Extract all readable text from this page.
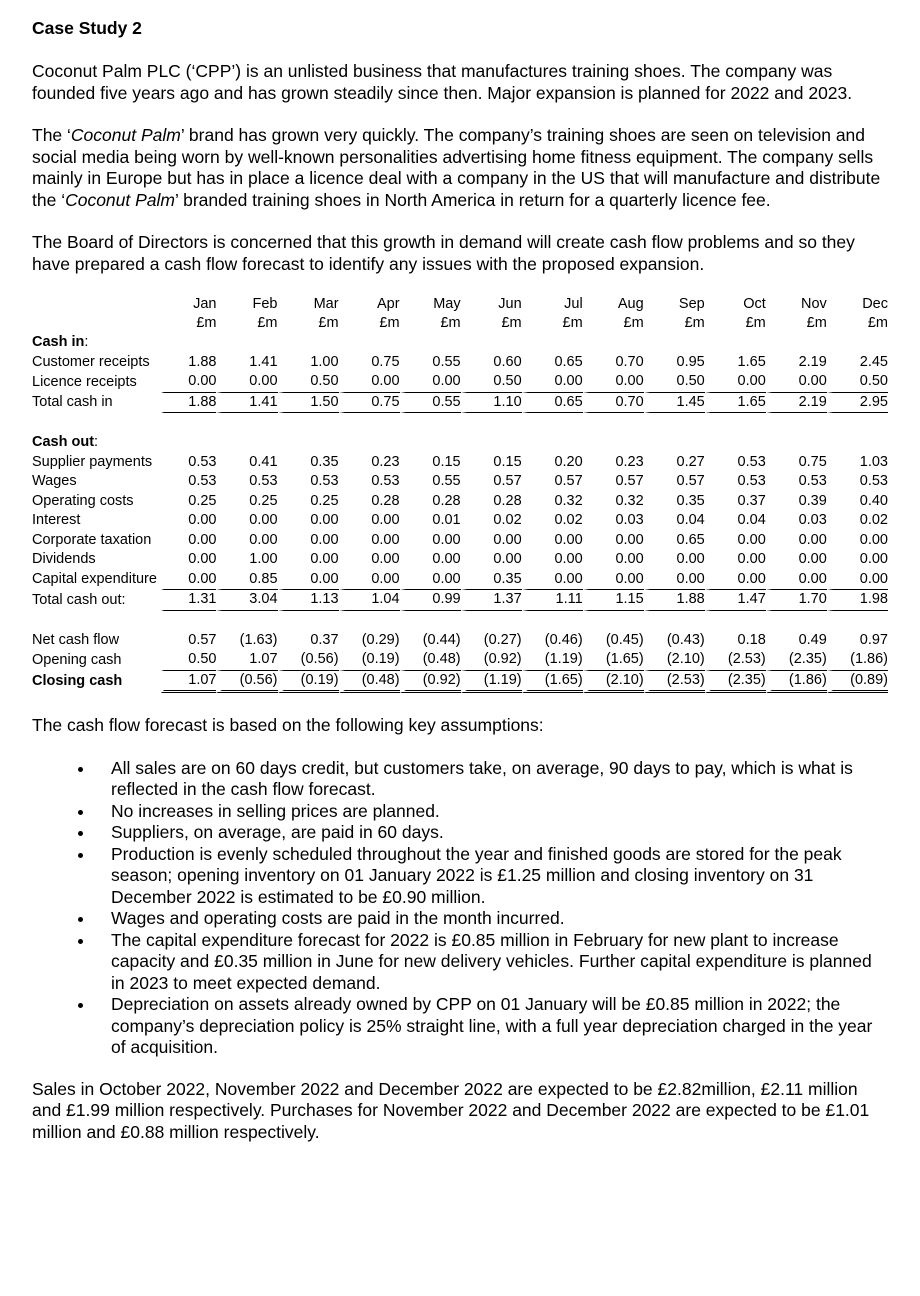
Case Study 2

Coconut Palm PLC (‘CPP’) is an unlisted business that manufactures training shoes. The company was founded five years ago and has grown steadily since then. Major expansion is planned for 2022 and 2023.

The ‘Coconut Palm’ brand has grown very quickly. The company’s training shoes are seen on television and social media being worn by well-known personalities advertising home fitness equipment. The company sells mainly in Europe but has in place a licence deal with a company in the US that will manufacture and distribute the ‘Coconut Palm’ branded training shoes in North America in return for a quarterly licence fee.

The Board of Directors is concerned that this growth in demand will create cash flow problems and so they have prepared a cash flow forecast to identify any issues with the proposed expansion.

	Jan	Feb	Mar	Apr	May	Jun	Jul	Aug	Sep	Oct	Nov	Dec
	£m	£m	£m	£m	£m	£m	£m	£m	£m	£m	£m	£m
Cash in:												
Customer receipts	1.88	1.41	1.00	0.75	0.55	0.60	0.65	0.70	0.95	1.65	2.19	2.45
Licence receipts	0.00	0.00	0.50	0.00	0.00	0.50	0.00	0.00	0.50	0.00	0.00	0.50
Total cash in	1.88	1.41	1.50	0.75	0.55	1.10	0.65	0.70	1.45	1.65	2.19	2.95

Cash out:												
Supplier payments	0.53	0.41	0.35	0.23	0.15	0.15	0.20	0.23	0.27	0.53	0.75	1.03
Wages	0.53	0.53	0.53	0.53	0.55	0.57	0.57	0.57	0.57	0.53	0.53	0.53
Operating costs	0.25	0.25	0.25	0.28	0.28	0.28	0.32	0.32	0.35	0.37	0.39	0.40
Interest	0.00	0.00	0.00	0.00	0.01	0.02	0.02	0.03	0.04	0.04	0.03	0.02
Corporate taxation	0.00	0.00	0.00	0.00	0.00	0.00	0.00	0.00	0.65	0.00	0.00	0.00
Dividends	0.00	1.00	0.00	0.00	0.00	0.00	0.00	0.00	0.00	0.00	0.00	0.00
Capital expenditure	0.00	0.85	0.00	0.00	0.00	0.35	0.00	0.00	0.00	0.00	0.00	0.00
Total cash out:	1.31	3.04	1.13	1.04	0.99	1.37	1.11	1.15	1.88	1.47	1.70	1.98

Net cash flow	0.57	(1.63)	0.37	(0.29)	(0.44)	(0.27)	(0.46)	(0.45)	(0.43)	0.18	0.49	0.97
Opening cash	0.50	1.07	(0.56)	(0.19)	(0.48)	(0.92)	(1.19)	(1.65)	(2.10)	(2.53)	(2.35)	(1.86)
Closing cash	1.07	(0.56)	(0.19)	(0.48)	(0.92)	(1.19)	(1.65)	(2.10)	(2.53)	(2.35)	(1.86)	(0.89)

The cash flow forecast is based on the following key assumptions:

• All sales are on 60 days credit, but customers take, on average, 90 days to pay, which is what is reflected in the cash flow forecast.
• No increases in selling prices are planned.
• Suppliers, on average, are paid in 60 days.
• Production is evenly scheduled throughout the year and finished goods are stored for the peak season; opening inventory on 01 January 2022 is £1.25 million and closing inventory on 31 December 2022 is estimated to be £0.90 million.
• Wages and operating costs are paid in the month incurred.
• The capital expenditure forecast for 2022 is £0.85 million in February for new plant to increase capacity and £0.35 million in June for new delivery vehicles. Further capital expenditure is planned in 2023 to meet expected demand.
• Depreciation on assets already owned by CPP on 01 January will be £0.85 million in 2022; the company’s depreciation policy is 25% straight line, with a full year depreciation charged in the year of acquisition.

Sales in October 2022, November 2022 and December 2022 are expected to be £2.82million, £2.11 million and £1.99 million respectively. Purchases for November 2022 and December 2022 are expected to be £1.01 million and £0.88 million respectively.
